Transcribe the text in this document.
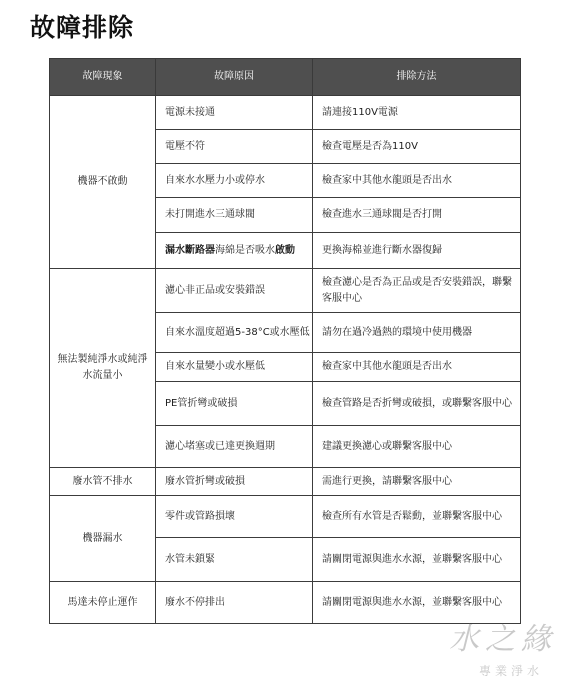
故障排除
故障現象	故障原因	排除方法
機器不啟動	電源未接通	請連接110V電源
	電壓不符	檢查電壓是否為110V
	自來水水壓力小或停水	檢查家中其他水龍頭是否出水
	未打開進水三通球閥	檢查進水三通球閥是否打開
	漏水斷路器海綿是否吸水啟動	更換海棉並進行斷水器復歸
無法製純淨水或純淨水流量小	濾心非正品或安裝錯誤	檢查濾心是否為正品或是否安裝錯誤，聯繫客服中心
	自來水溫度超過5-38°C或水壓低	請勿在過冷過熱的環境中使用機器
	自來水量變小或水壓低	檢查家中其他水龍頭是否出水
	PE管折彎或破損	檢查管路是否折彎或破損，或聯繫客服中心
	濾心堵塞或已達更換週期	建議更換濾心或聯繫客服中心
廢水管不排水	廢水管折彎或破損	需進行更換，請聯繫客服中心
機器漏水	零件或管路損壞	檢查所有水管是否鬆動，並聯繫客服中心
	水管未鎖緊	請關閉電源與進水水源，並聯繫客服中心
馬達未停止運作	廢水不停排出	請關閉電源與進水水源，並聯繫客服中心
水之緣
專業淨水
